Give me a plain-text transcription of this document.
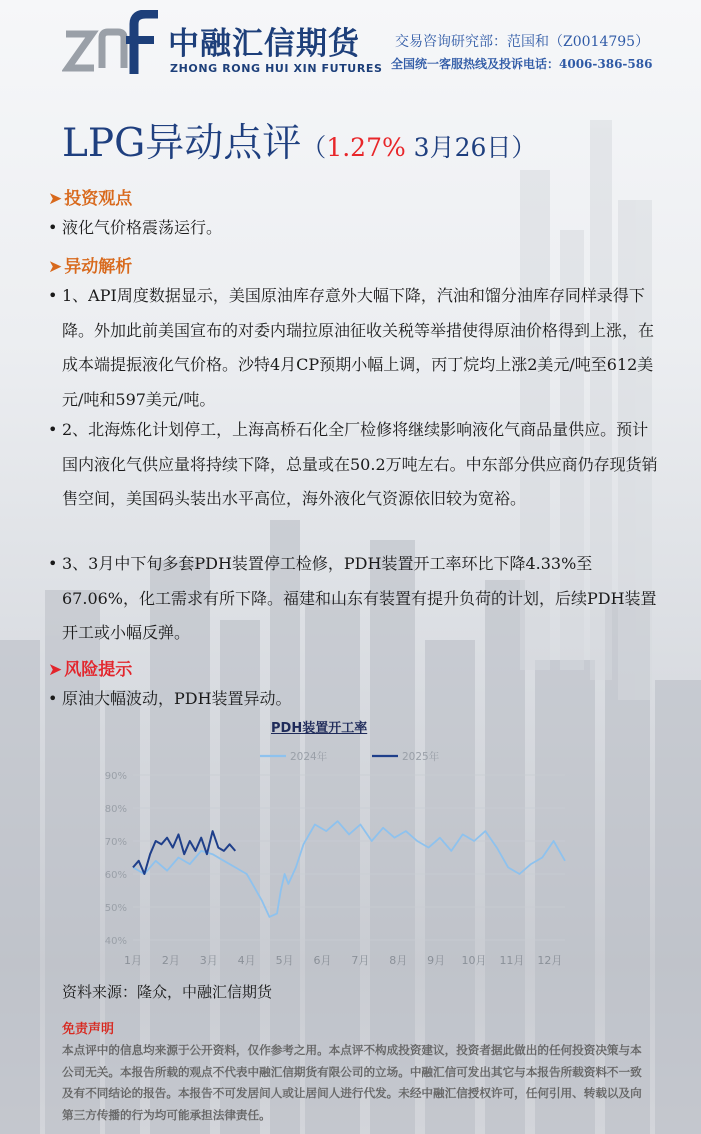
中融汇信期货
ZHONG RONG HUI XIN FUTURES
交易咨询研究部：范国和（Z0014795）
全国统一客服热线及投诉电话：4006-386-586
LPG异动点评（1.27% 3月26日）
➤ 投资观点
• 液化气价格震荡运行。
➤ 异动解析
• 1、API周度数据显示，美国原油库存意外大幅下降，汽油和馏分油库存同样录得下降。外加此前美国宣布的对委内瑞拉原油征收关税等举措使得原油价格得到上涨，在成本端提振液化气价格。沙特4月CP预期小幅上调，丙丁烷均上涨2美元/吨至612美元/吨和597美元/吨。
• 2、北海炼化计划停工，上海高桥石化全厂检修将继续影响液化气商品量供应。预计国内液化气供应量将持续下降，总量或在50.2万吨左右。中东部分供应商仍存现货销售空间，美国码头装出水平高位，海外液化气资源依旧较为宽裕。
• 3、3月中下旬多套PDH装置停工检修，PDH装置开工率环比下降4.33%至67.06%，化工需求有所下降。福建和山东有装置有提升负荷的计划，后续PDH装置开工或小幅反弹。
➤ 风险提示
• 原油大幅波动，PDH装置异动。
PDH装置开工率
40%
50%
60%
70%
80%
90%
1月 2月 3月 4月 5月 6月 7月 8月 9月 10月 11月 12月
2024年	2025年
资料来源：隆众，中融汇信期货
免责声明
本点评中的信息均来源于公开资料，仅作参考之用。本点评不构成投资建议，投资者据此做出的任何投资决策与本公司无关。本报告所载的观点不代表中融汇信期货有限公司的立场。中融汇信可发出其它与本报告所载资料不一致及有不同结论的报告。本报告不可发居间人或让居间人进行代发。未经中融汇信授权许可，任何引用、转载以及向第三方传播的行为均可能承担法律责任。
